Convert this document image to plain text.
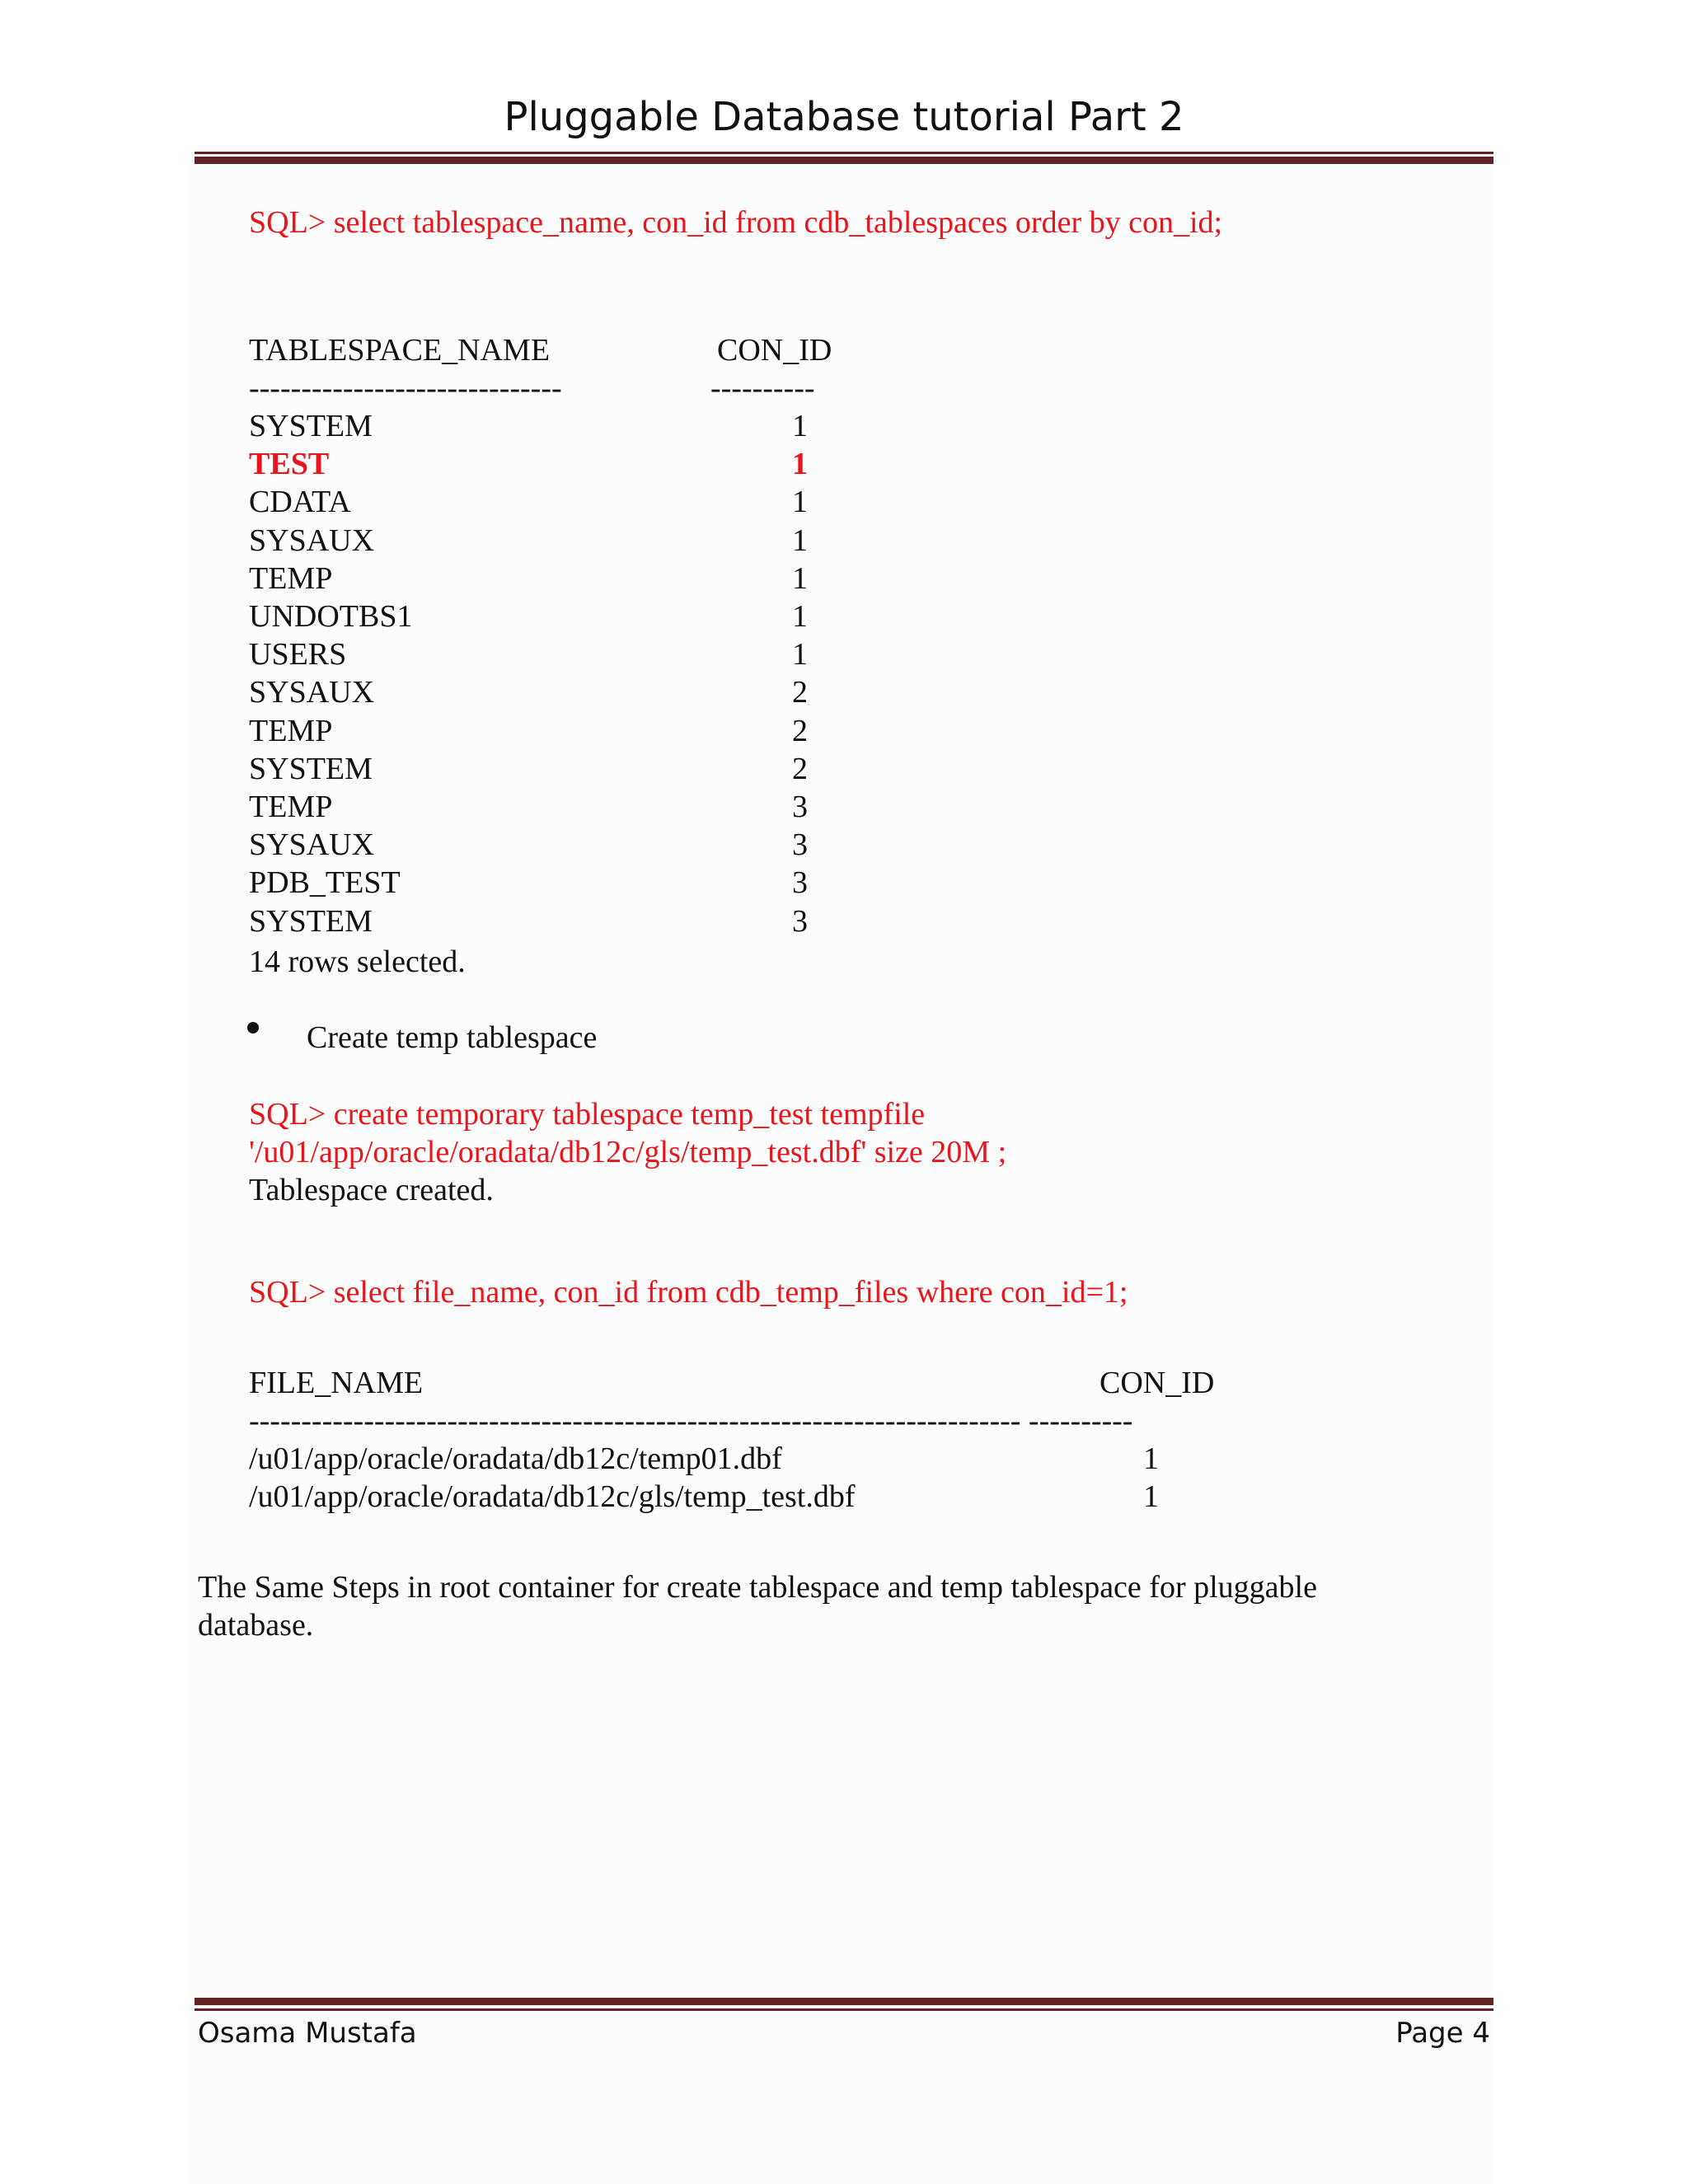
Pluggable Database tutorial Part 2
SQL> select tablespace_name, con_id from cdb_tablespaces order by con_id;
TABLESPACE_NAME	CON_ID
------------------------------	----------
SYSTEM	1
TEST	1
CDATA	1
SYSAUX	1
TEMP	1
UNDOTBS1	1
USERS	1
SYSAUX	2
TEMP	2
SYSTEM	2
TEMP	3
SYSAUX	3
PDB_TEST	3
SYSTEM	3
14 rows selected.
Create temp tablespace
SQL> create temporary tablespace temp_test tempfile
'/u01/app/oracle/oradata/db12c/gls/temp_test.dbf' size 20M ;
Tablespace created.
SQL> select file_name, con_id from cdb_temp_files where con_id=1;
FILE_NAME	CON_ID
-------------------------------------------------------------------------- ----------
/u01/app/oracle/oradata/db12c/temp01.dbf	1
/u01/app/oracle/oradata/db12c/gls/temp_test.dbf	1
The Same Steps in root container for create tablespace and temp tablespace for pluggable
database.
Osama Mustafa	Page 4
